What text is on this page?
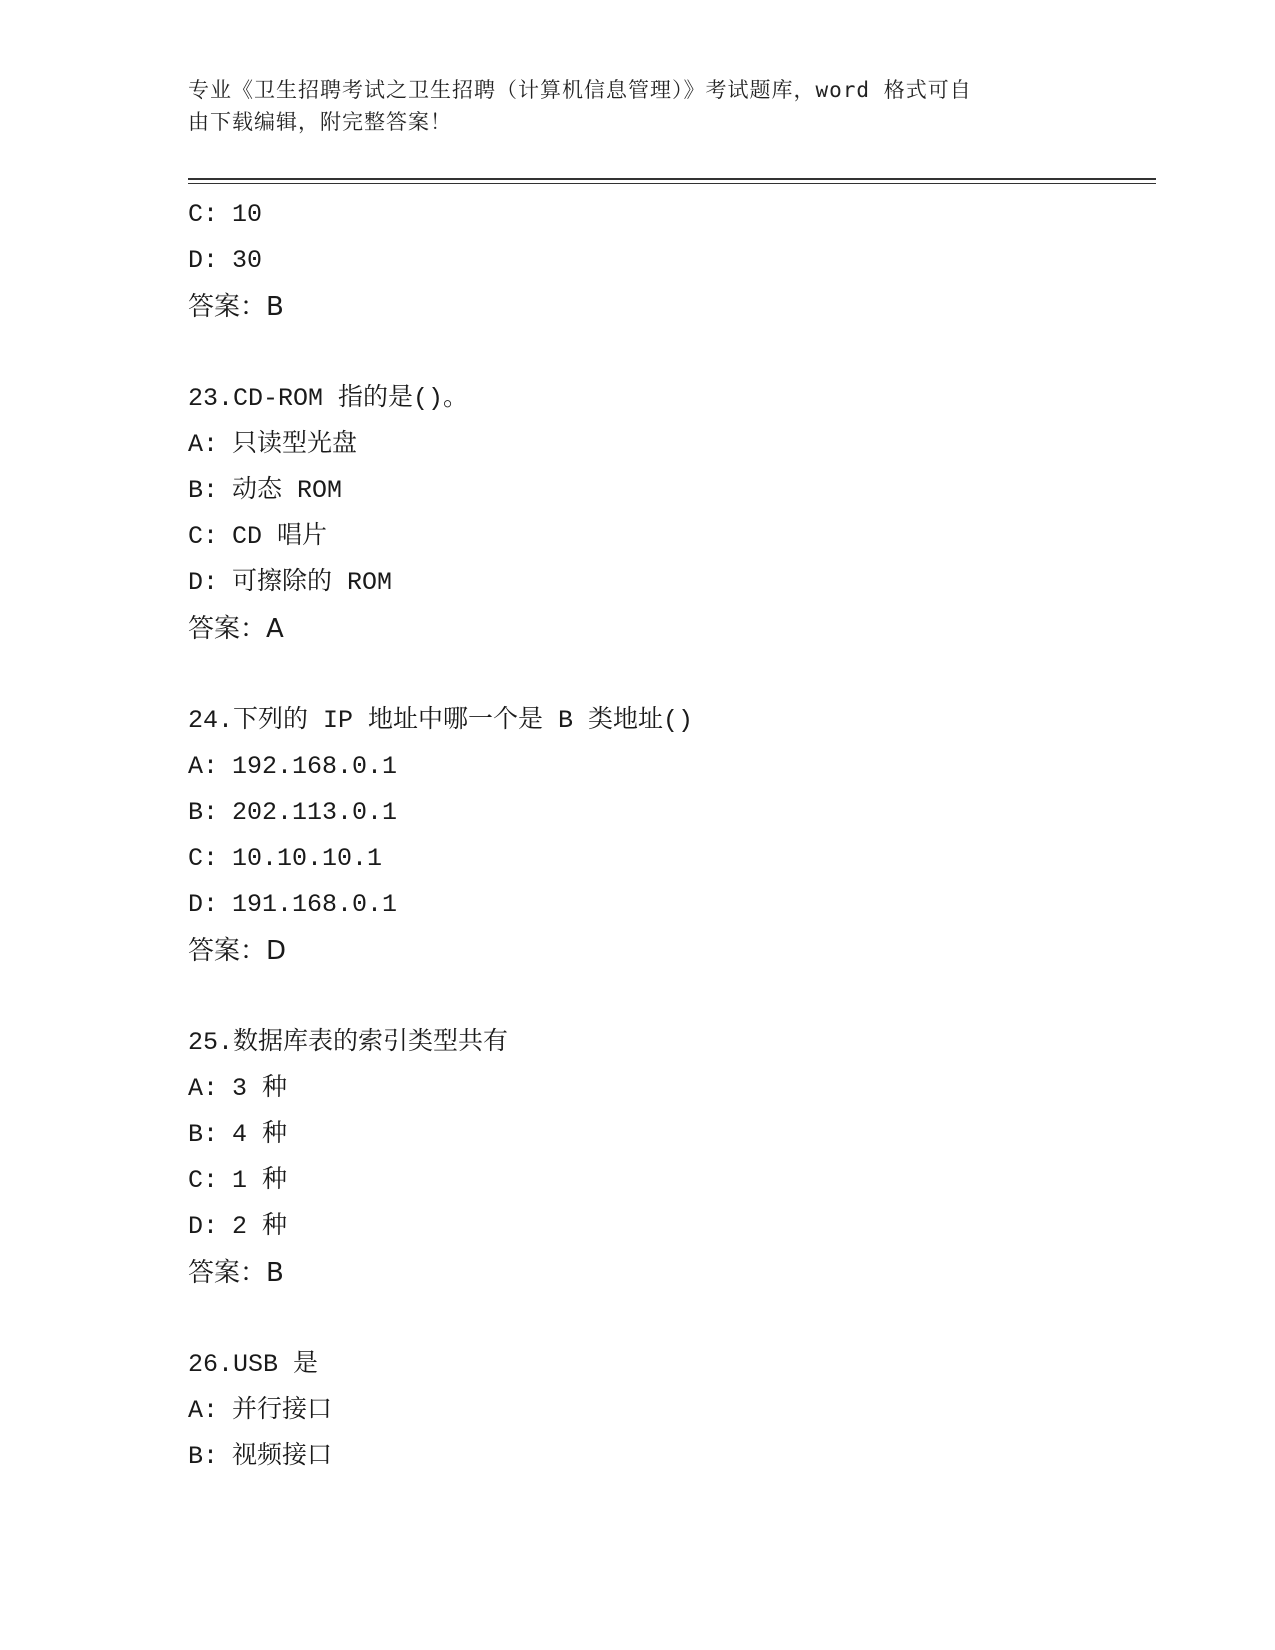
专业《卫生招聘考试之卫生招聘（计算机信息管理）》考试题库，word 格式可自
由下载编辑，附完整答案！
C: 10
D: 30
答案：B
23.CD-ROM 指的是()。
A: 只读型光盘
B: 动态 ROM
C: CD 唱片
D: 可擦除的 ROM
答案：A
24.下列的 IP 地址中哪一个是 B 类地址()
A: 192.168.0.1
B: 202.113.0.1
C: 10.10.10.1
D: 191.168.0.1
答案：D
25.数据库表的索引类型共有
A: 3 种
B: 4 种
C: 1 种
D: 2 种
答案：B
26.USB 是
A: 并行接口
B: 视频接口
